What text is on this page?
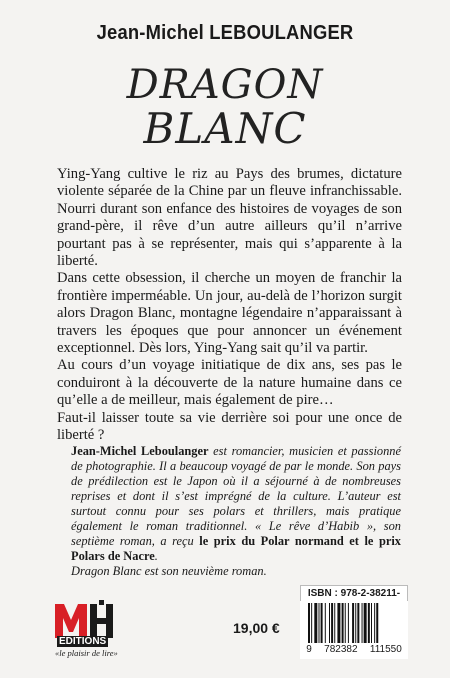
Jean-Michel LEBOULANGER
DRAGON
BLANC

Ying-Yang cultive le riz au Pays des brumes, dictature violente séparée de la Chine par un fleuve infranchissable. Nourri durant son enfance des histoires de voyages de son grand-père, il rêve d’un autre ailleurs qu’il n’arrive pourtant pas à se représenter, mais qui s’apparente à la liberté.

Dans cette obsession, il cherche un moyen de franchir la frontière imperméable. Un jour, au-delà de l’horizon surgit alors Dragon Blanc, montagne légendaire n’apparaissant à travers les époques que pour annoncer un événement exceptionnel. Dès lors, Ying-Yang sait qu’il va partir.

Au cours d’un voyage initiatique de dix ans, ses pas le conduiront à la découverte de la nature humaine dans ce qu’elle a de meilleur, mais également de pire…

Faut-il laisser toute sa vie derrière soi pour une once de liberté ?

Jean-Michel Leboulanger est romancier, musicien et passionné de photographie. Il a beaucoup voyagé de par le monde. Son pays de prédilection est le Japon où il a séjourné à de nombreuses reprises et dont il s’est imprégné de la culture. L’auteur est surtout connu pour ses polars et thrillers, mais pratique également le roman traditionnel. « Le rêve d’Habib », son septième roman, a reçu le prix du Polar normand et le prix Polars de Nacre.

Dragon Blanc est son neuvième roman.

EDITIONS
«le plaisir de lire»
19,00 €
ISBN : 978-2-38211-
9 782382 111550
